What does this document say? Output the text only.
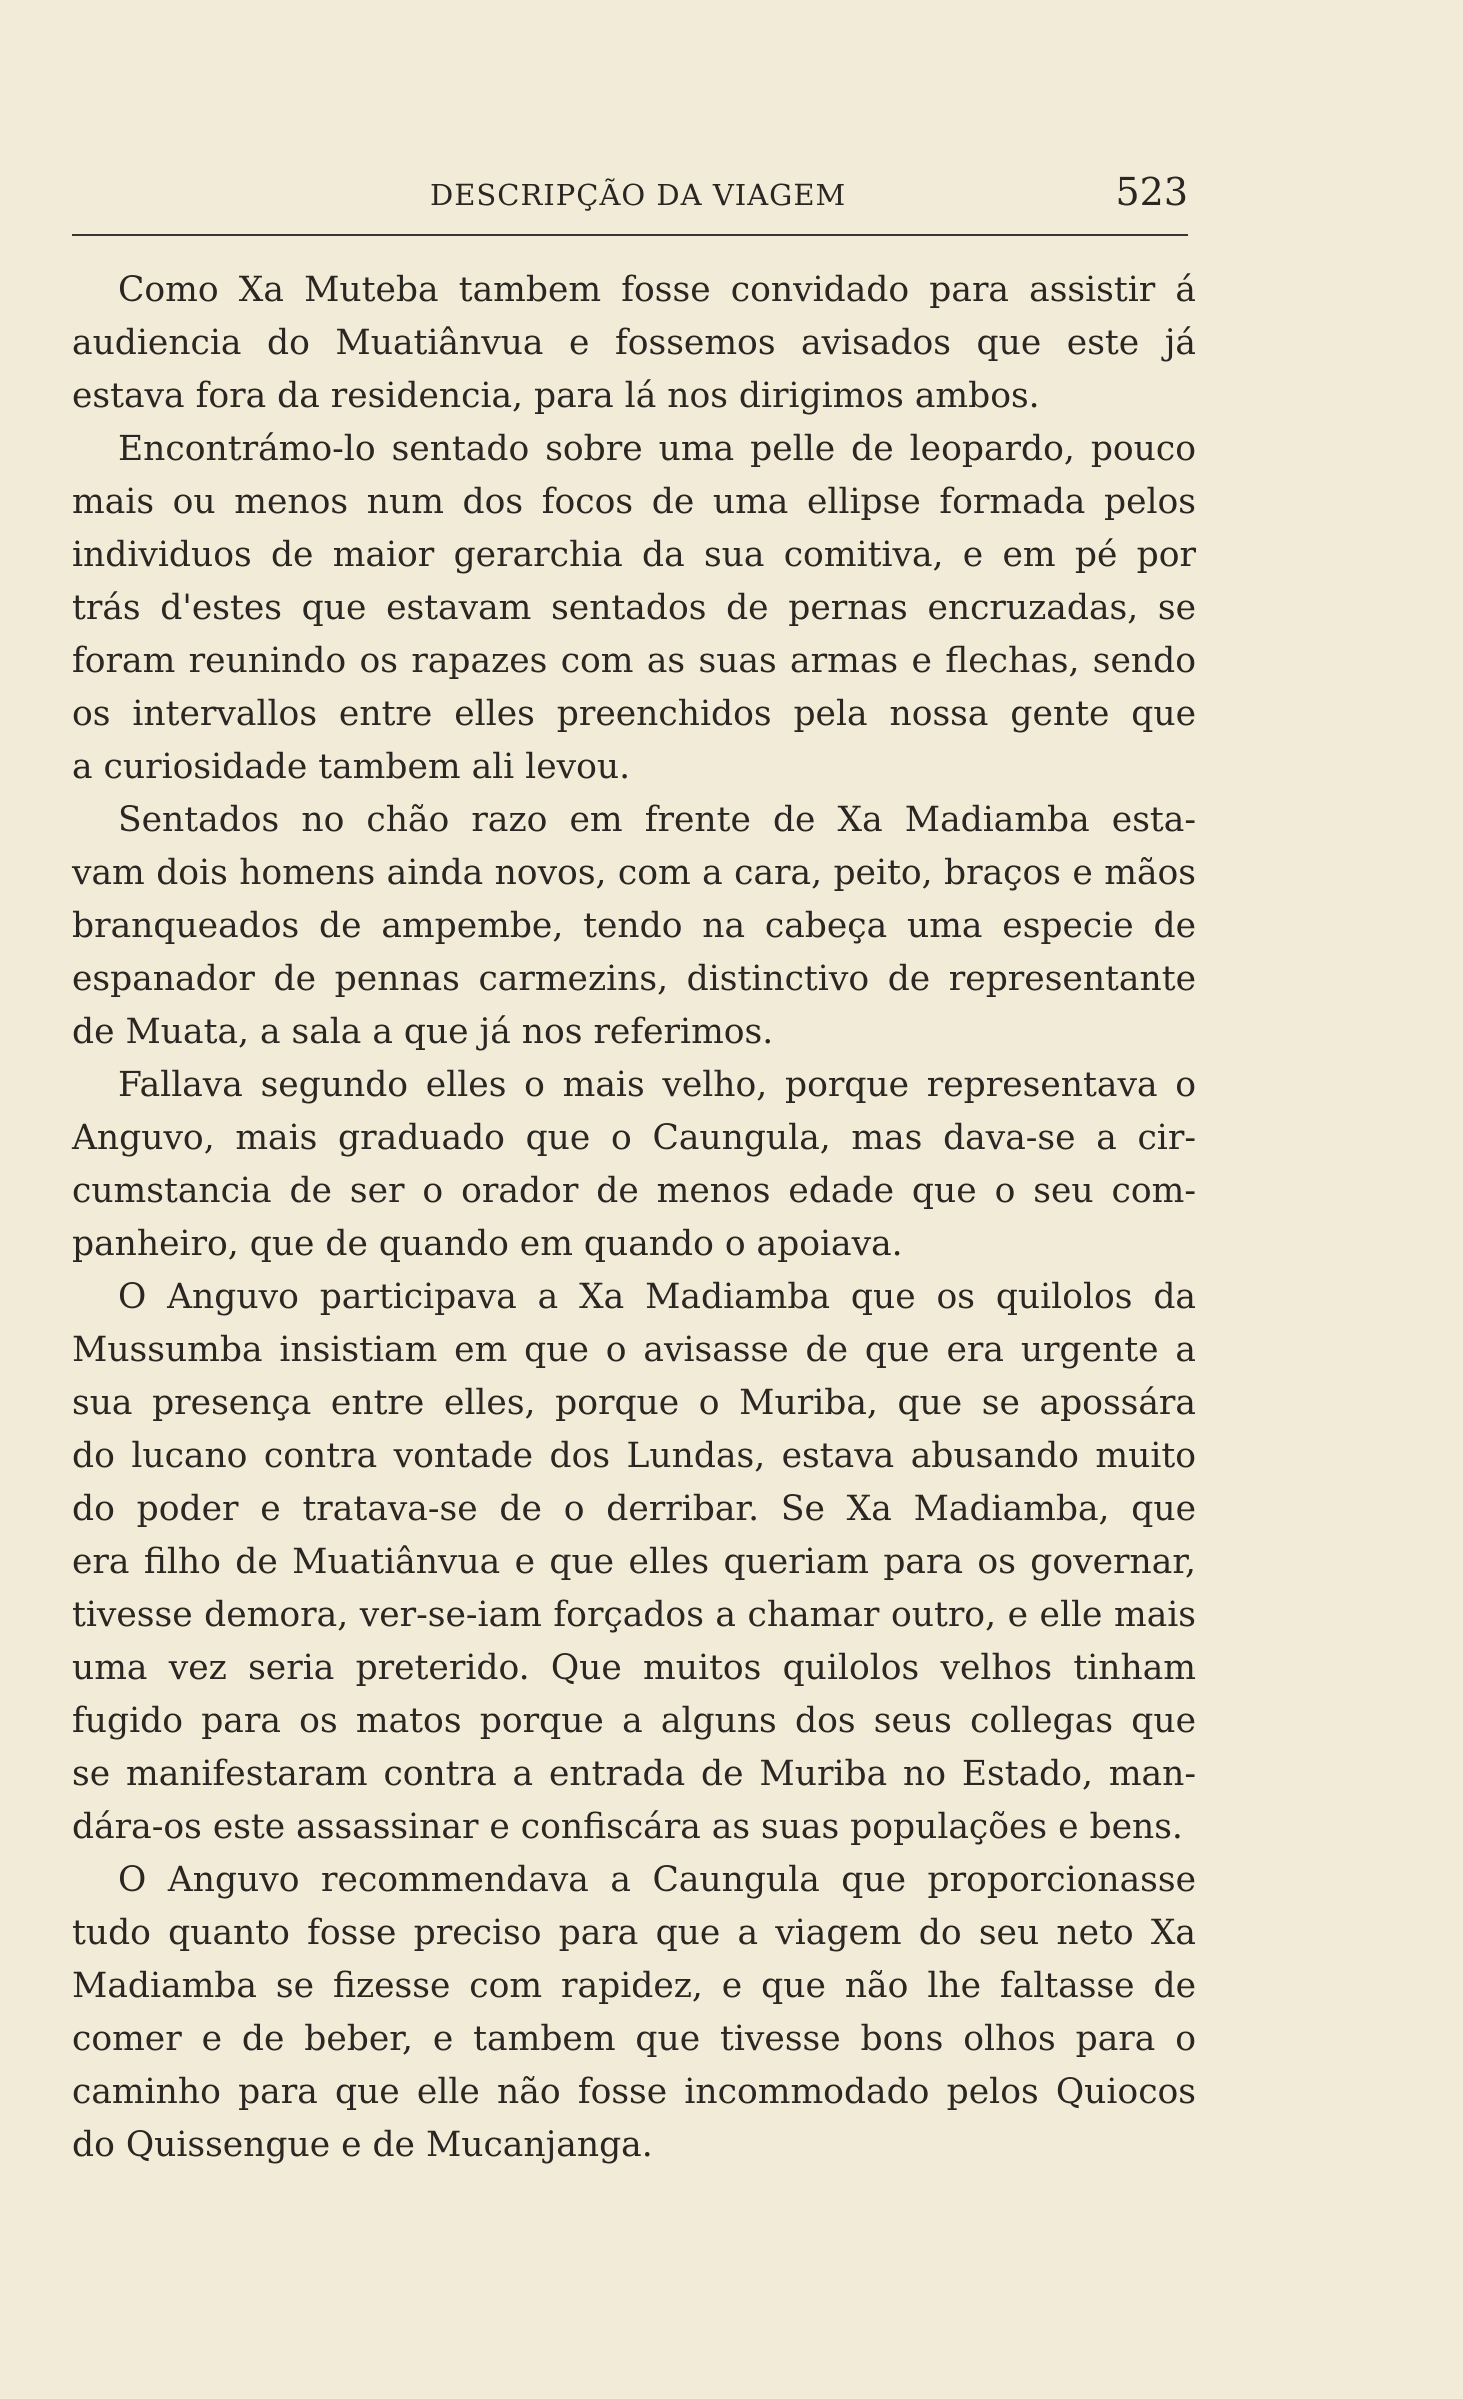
DESCRIPÇÃO DA VIAGEM	523
Como Xa Muteba tambem fosse convidado para assistir á
audiencia do Muatiânvua e fossemos avisados que este já
estava fora da residencia, para lá nos dirigimos ambos.
Encontrámo-lo sentado sobre uma pelle de leopardo, pouco
mais ou menos num dos focos de uma ellipse formada pelos
individuos de maior gerarchia da sua comitiva, e em pé por
trás d'estes que estavam sentados de pernas encruzadas, se
foram reunindo os rapazes com as suas armas e flechas, sendo
os intervallos entre elles preenchidos pela nossa gente que
a curiosidade tambem ali levou.
Sentados no chão razo em frente de Xa Madiamba esta-
vam dois homens ainda novos, com a cara, peito, braços e mãos
branqueados de ampembe, tendo na cabeça uma especie de
espanador de pennas carmezins, distinctivo de representante
de Muata, a sala a que já nos referimos.
Fallava segundo elles o mais velho, porque representava o
Anguvo, mais graduado que o Caungula, mas dava-se a cir-
cumstancia de ser o orador de menos edade que o seu com-
panheiro, que de quando em quando o apoiava.
O Anguvo participava a Xa Madiamba que os quilolos da
Mussumba insistiam em que o avisasse de que era urgente a
sua presença entre elles, porque o Muriba, que se apossára
do lucano contra vontade dos Lundas, estava abusando muito
do poder e tratava-se de o derribar. Se Xa Madiamba, que
era filho de Muatiânvua e que elles queriam para os governar,
tivesse demora, ver-se-iam forçados a chamar outro, e elle mais
uma vez seria preterido. Que muitos quilolos velhos tinham
fugido para os matos porque a alguns dos seus collegas que
se manifestaram contra a entrada de Muriba no Estado, man-
dára-os este assassinar e confiscára as suas populações e bens.
O Anguvo recommendava a Caungula que proporcionasse
tudo quanto fosse preciso para que a viagem do seu neto Xa
Madiamba se fizesse com rapidez, e que não lhe faltasse de
comer e de beber, e tambem que tivesse bons olhos para o
caminho para que elle não fosse incommodado pelos Quiocos
do Quissengue e de Mucanjanga.
